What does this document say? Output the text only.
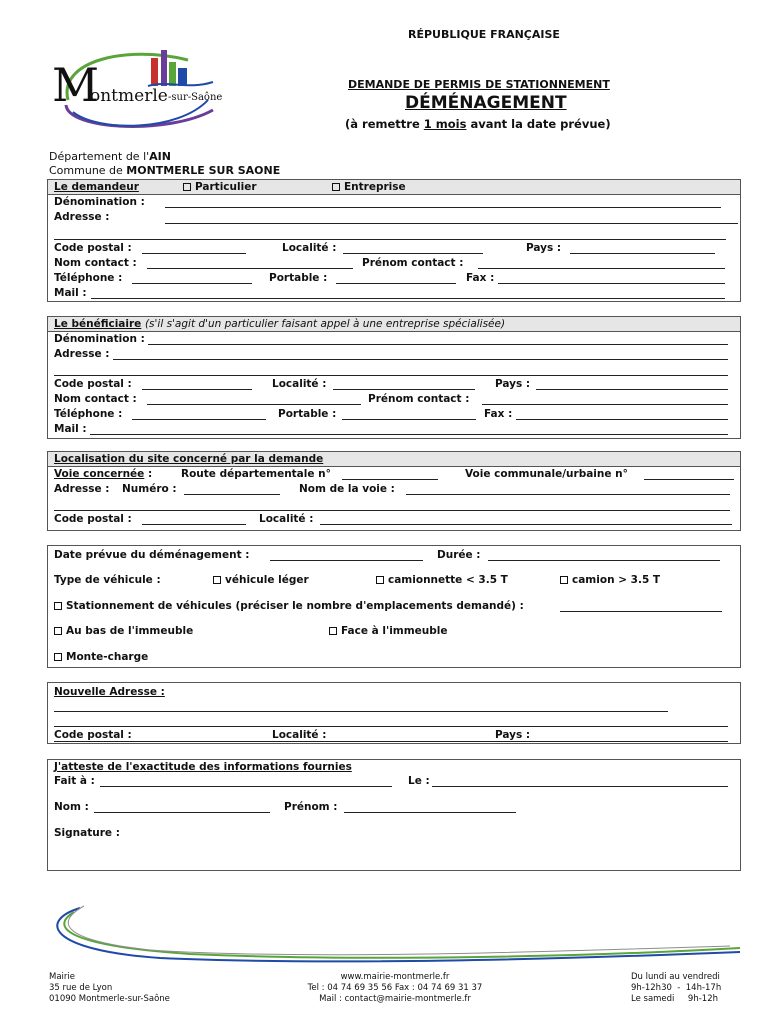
RÉPUBLIQUE FRANÇAISE
M
ontmerle -sur-Saône
DEMANDE DE PERMIS DE STATIONNEMENT
DÉMÉNAGEMENT
(à remettre 1 mois avant la date prévue)
Département de l'AIN
Commune de MONTMERLE SUR SAONE
Le demandeur	Particulier	Entreprise
Dénomination :
Adresse :
Code postal :	Localité :	Pays :
Nom contact :	Prénom contact :
Téléphone :	Portable :	Fax :
Mail :
Le bénéficiaire (s'il s'agit d'un particulier faisant appel à une entreprise spécialisée)
Dénomination :
Adresse :
Code postal :	Localité :	Pays :
Nom contact :	Prénom contact :
Téléphone :	Portable :	Fax :
Mail :
Localisation du site concerné par la demande
Voie concernée :	Route départementale n°	Voie communale/urbaine n°
Adresse : Numéro :	Nom de la voie :
Code postal :	Localité :
Date prévue du déménagement :	Durée :
Type de véhicule :	véhicule léger	camionnette < 3.5 T	camion > 3.5 T
Stationnement de véhicules (préciser le nombre d'emplacements demandé) :
Au bas de l'immeuble	Face à l'immeuble
Monte-charge
Nouvelle Adresse :
Code postal :	Localité :	Pays :
J'atteste de l'exactitude des informations fournies
Fait à :	Le :
Nom :	Prénom :
Signature :
Mairie
35 rue de Lyon
01090 Montmerle-sur-Saône
www.mairie-montmerle.fr
Tel : 04 74 69 35 56 Fax : 04 74 69 31 37
Mail : contact@mairie-montmerle.fr
Du lundi au vendredi
9h-12h30  -  14h-17h
Le samedi     9h-12h
